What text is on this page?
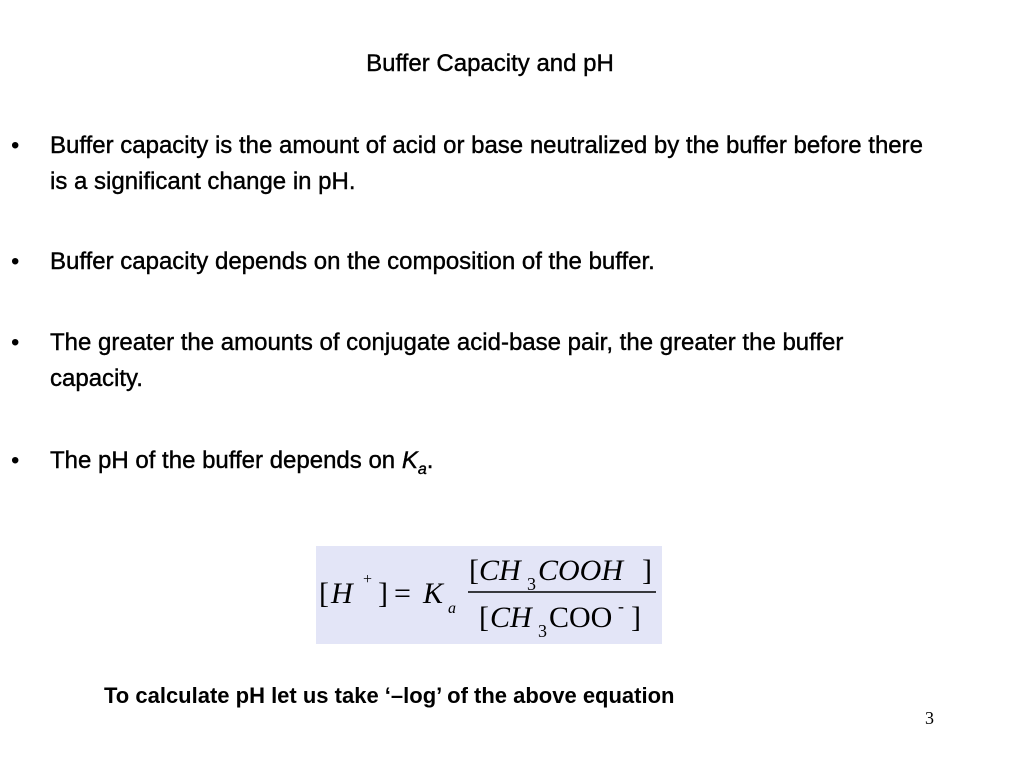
Buffer Capacity and pH
• Buffer capacity is the amount of acid or base neutralized by the buffer before there is a significant change in pH.
• Buffer capacity depends on the composition of the buffer.
• The greater the amounts of conjugate acid-base pair, the greater the buffer capacity.
• The pH of the buffer depends on $K_a$.
[ H + ] = K a
[ CH 3 COOH ]
[ CH 3 COO - ]
To calculate pH let us take ‘–log’ of the above equation
3
